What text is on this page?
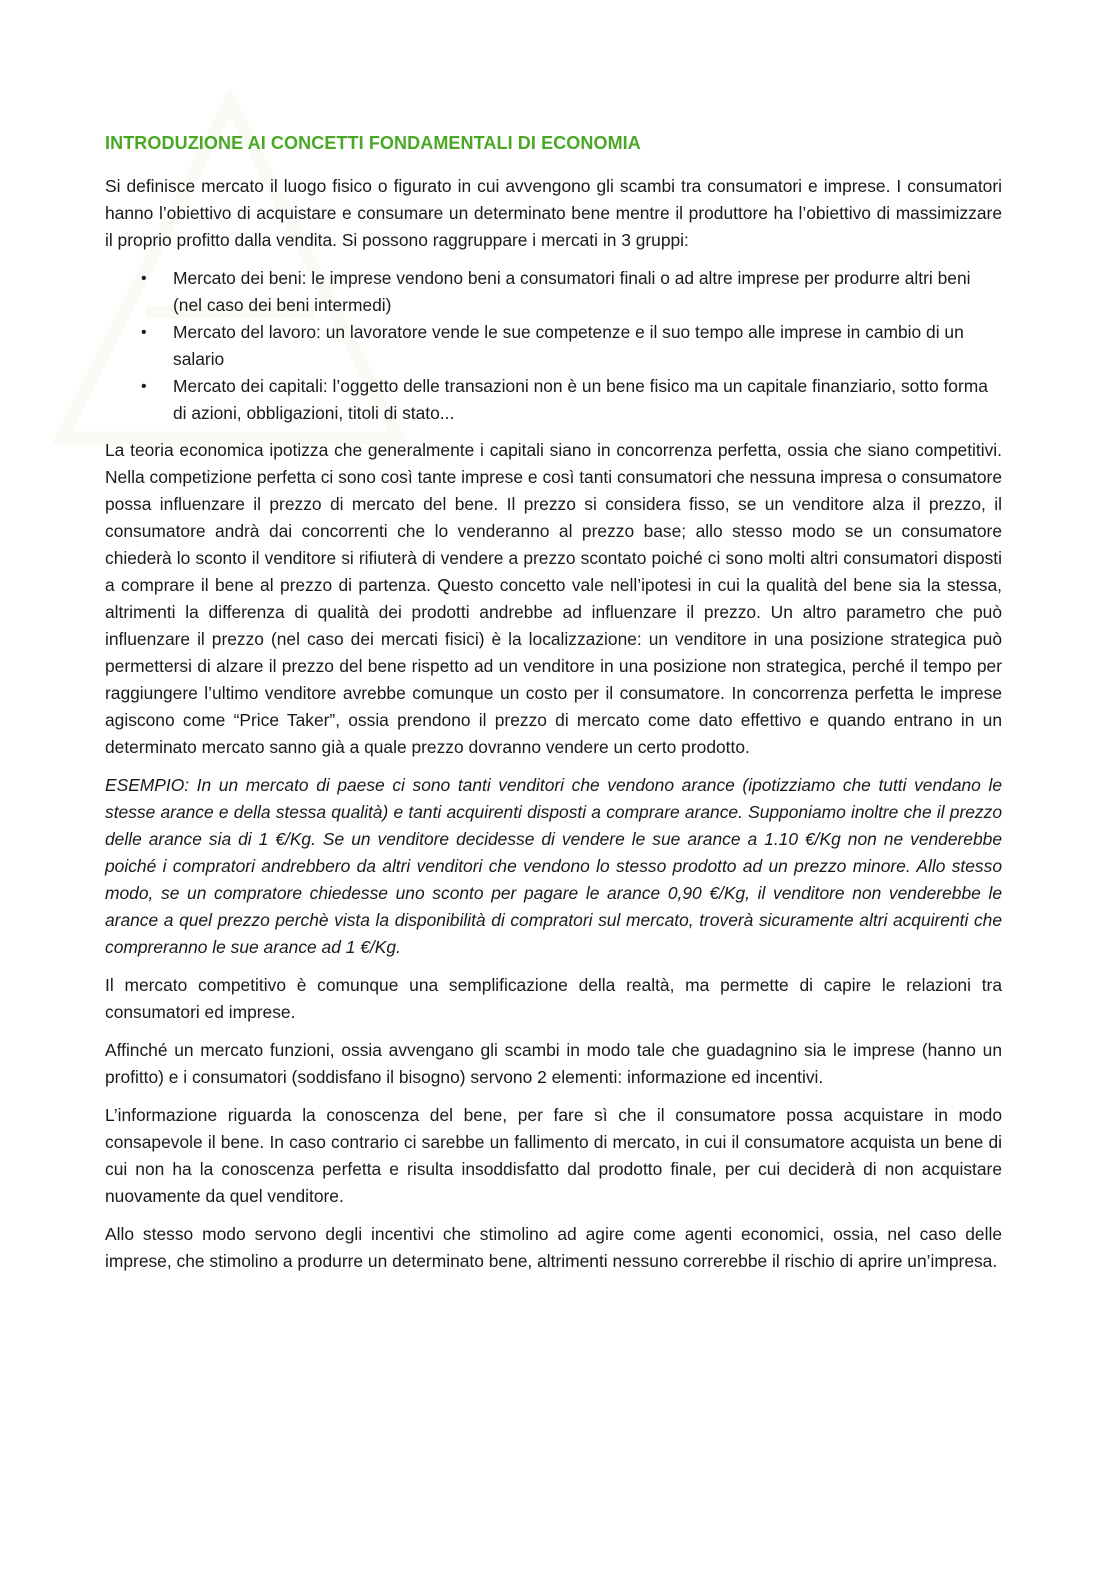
INTRODUZIONE AI CONCETTI FONDAMENTALI DI ECONOMIA

Si definisce mercato il luogo fisico o figurato in cui avvengono gli scambi tra consumatori e imprese. I consumatori hanno l’obiettivo di acquistare e consumare un determinato bene mentre il produttore ha l’obiettivo di massimizzare il proprio profitto dalla vendita. Si possono raggruppare i mercati in 3 gruppi:

• Mercato dei beni: le imprese vendono beni a consumatori finali o ad altre imprese per produrre altri beni (nel caso dei beni intermedi)
• Mercato del lavoro: un lavoratore vende le sue competenze e il suo tempo alle imprese in cambio di un salario
• Mercato dei capitali: l’oggetto delle transazioni non è un bene fisico ma un capitale finanziario, sotto forma di azioni, obbligazioni, titoli di stato...

La teoria economica ipotizza che generalmente i capitali siano in concorrenza perfetta, ossia che siano competitivi. Nella competizione perfetta ci sono così tante imprese e così tanti consumatori che nessuna impresa o consumatore possa influenzare il prezzo di mercato del bene. Il prezzo si considera fisso, se un venditore alza il prezzo, il consumatore andrà dai concorrenti che lo venderanno al prezzo base; allo stesso modo se un consumatore chiederà lo sconto il venditore si rifiuterà di vendere a prezzo scontato poiché ci sono molti altri consumatori disposti a comprare il bene al prezzo di partenza. Questo concetto vale nell’ipotesi in cui la qualità del bene sia la stessa, altrimenti la differenza di qualità dei prodotti andrebbe ad influenzare il prezzo. Un altro parametro che può influenzare il prezzo (nel caso dei mercati fisici) è la localizzazione: un venditore in una posizione strategica può permettersi di alzare il prezzo del bene rispetto ad un venditore in una posizione non strategica, perché il tempo per raggiungere l’ultimo venditore avrebbe comunque un costo per il consumatore. In concorrenza perfetta le imprese agiscono come “Price Taker”, ossia prendono il prezzo di mercato come dato effettivo e quando entrano in un determinato mercato sanno già a quale prezzo dovranno vendere un certo prodotto.

ESEMPIO: In un mercato di paese ci sono tanti venditori che vendono arance (ipotizziamo che tutti vendano le stesse arance e della stessa qualità) e tanti acquirenti disposti a comprare arance. Supponiamo inoltre che il prezzo delle arance sia di 1 €/Kg. Se un venditore decidesse di vendere le sue arance a 1.10 €/Kg non ne venderebbe poiché i compratori andrebbero da altri venditori che vendono lo stesso prodotto ad un prezzo minore. Allo stesso modo, se un compratore chiedesse uno sconto per pagare le arance 0,90 €/Kg, il venditore non venderebbe le arance a quel prezzo perchè vista la disponibilità di compratori sul mercato, troverà sicuramente altri acquirenti che compreranno le sue arance ad 1 €/Kg.

Il mercato competitivo è comunque una semplificazione della realtà, ma permette di capire le relazioni tra consumatori ed imprese.

Affinché un mercato funzioni, ossia avvengano gli scambi in modo tale che guadagnino sia le imprese (hanno un profitto) e i consumatori (soddisfano il bisogno) servono 2 elementi: informazione ed incentivi.

L’informazione riguarda la conoscenza del bene, per fare sì che il consumatore possa acquistare in modo consapevole il bene. In caso contrario ci sarebbe un fallimento di mercato, in cui il consumatore acquista un bene di cui non ha la conoscenza perfetta e risulta insoddisfatto dal prodotto finale, per cui deciderà di non acquistare nuovamente da quel venditore.

Allo stesso modo servono degli incentivi che stimolino ad agire come agenti economici, ossia, nel caso delle imprese, che stimolino a produrre un determinato bene, altrimenti nessuno correrebbe il rischio di aprire un’impresa.
